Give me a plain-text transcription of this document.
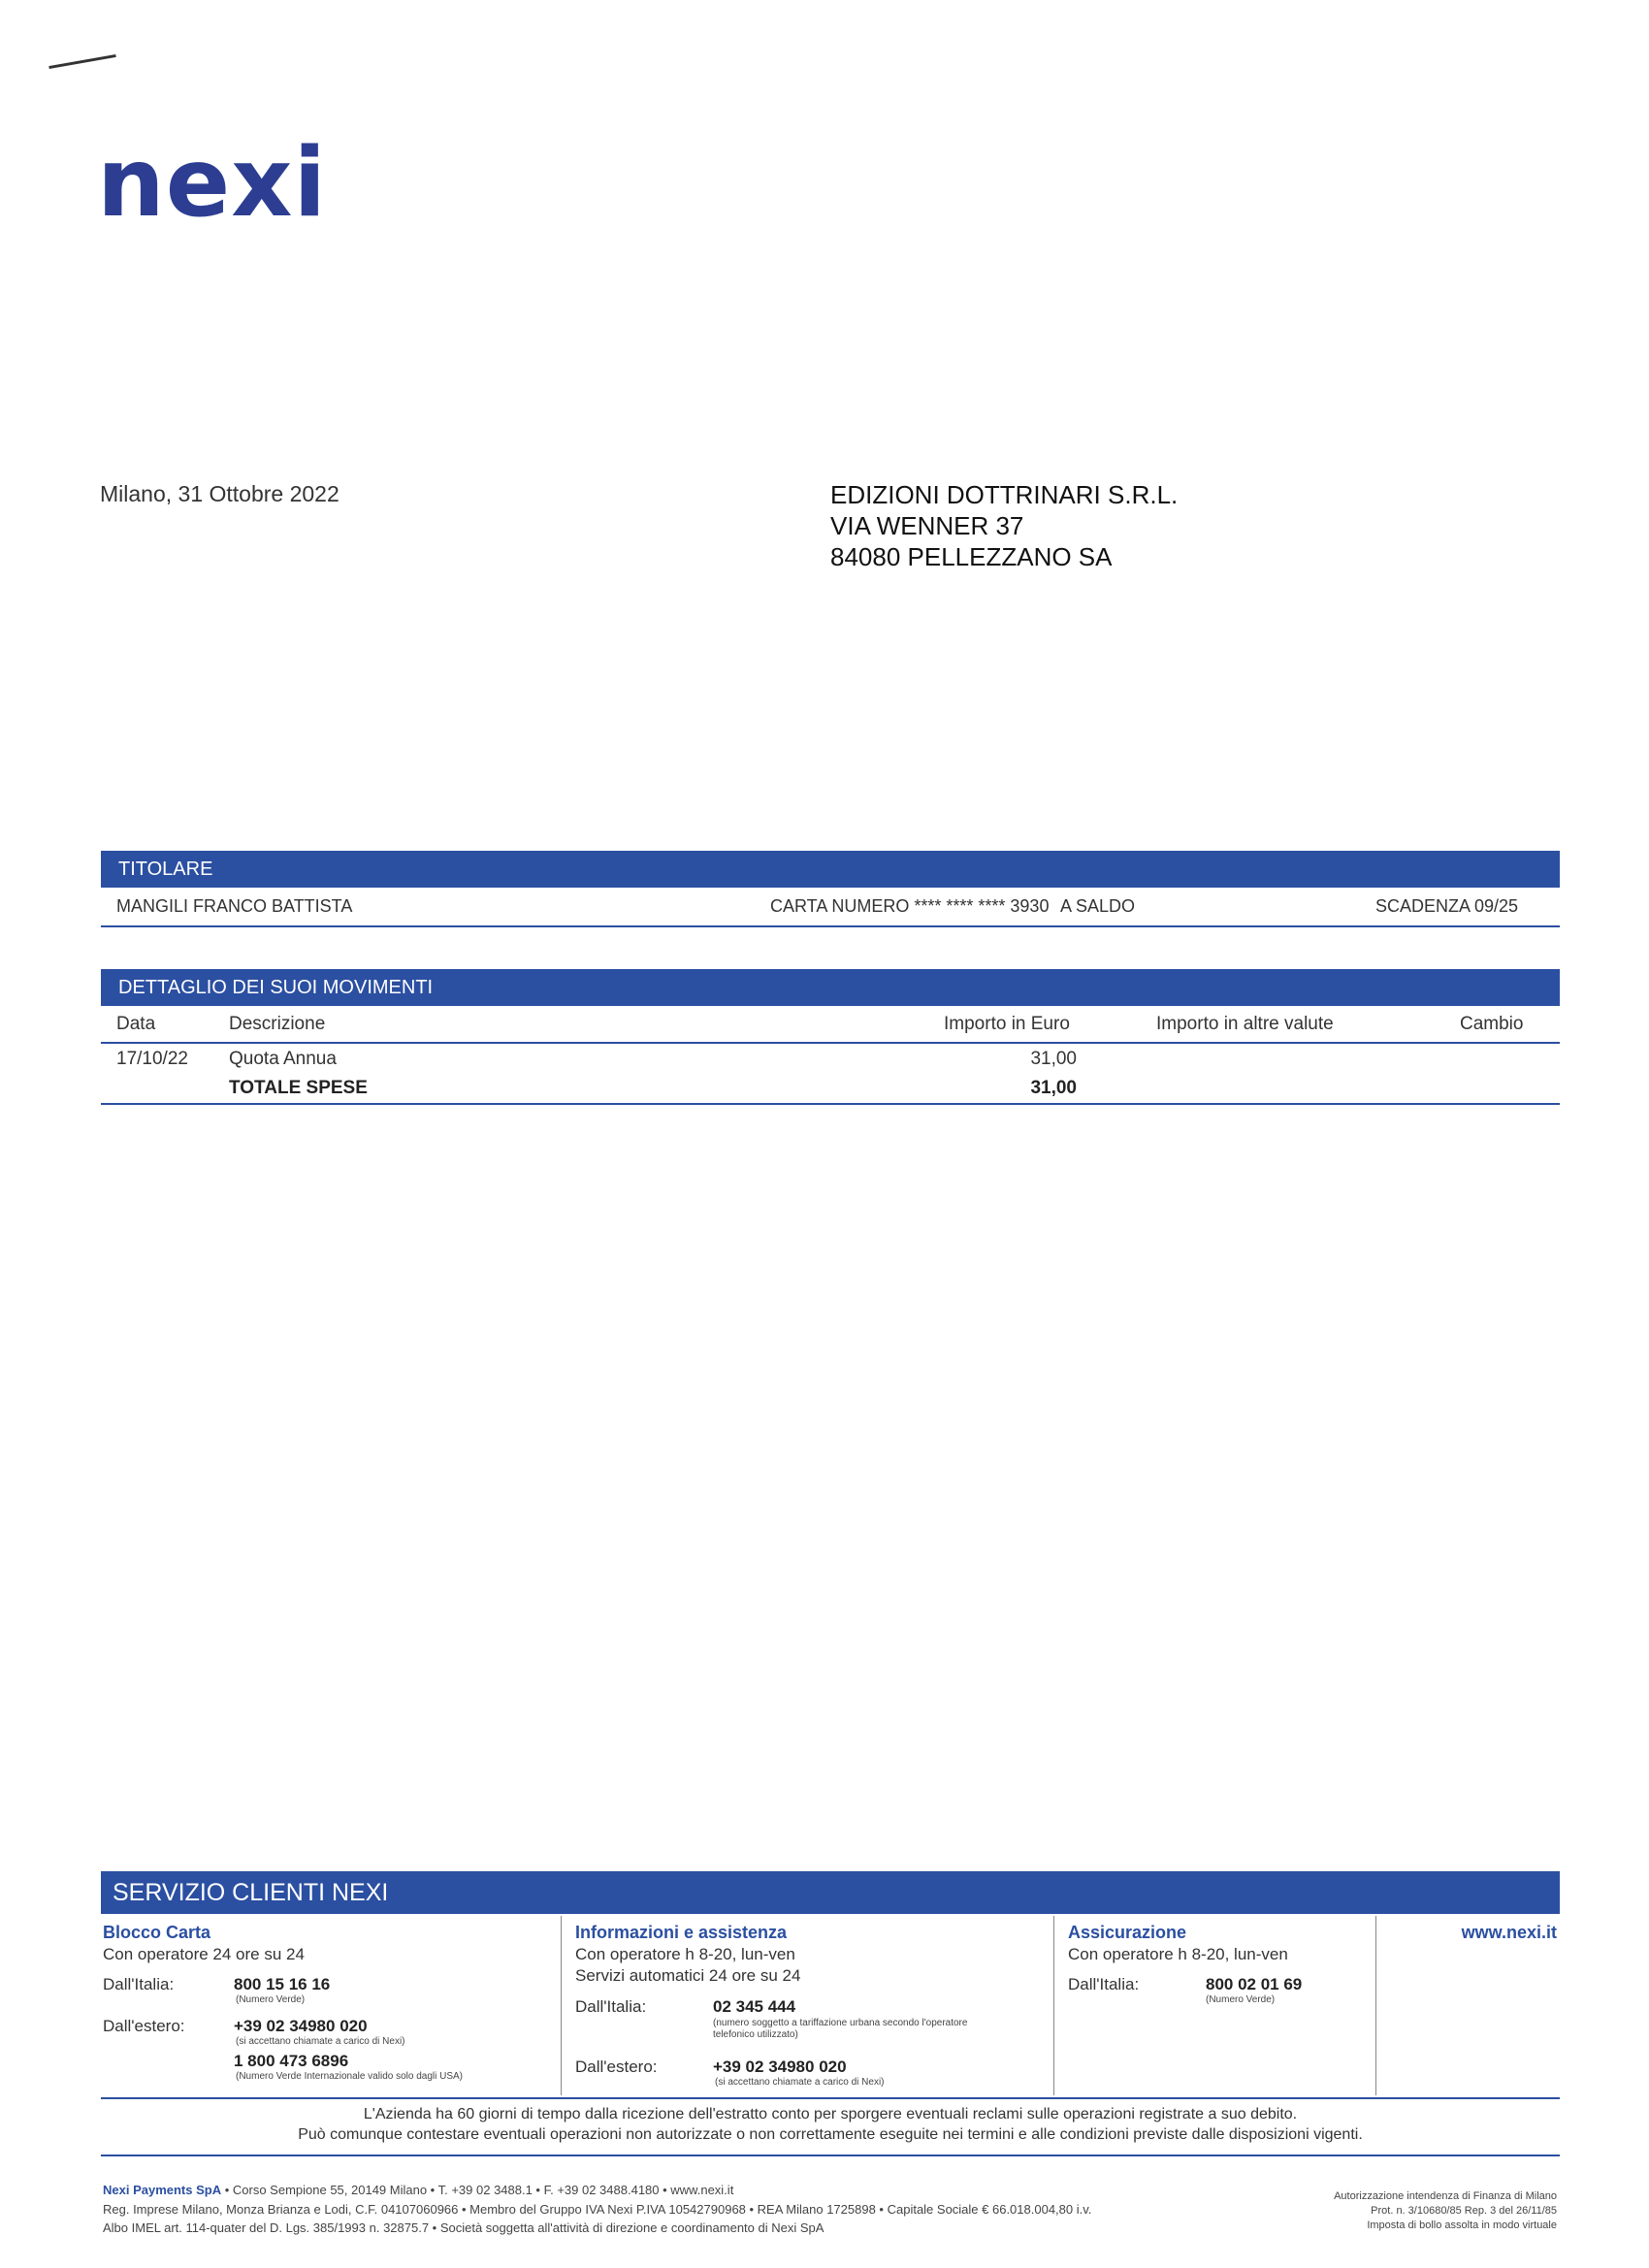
nexi
Milano, 31 Ottobre 2022	EDIZIONI DOTTRINARI S.R.L.
VIA WENNER 37
84080 PELLEZZANO SA
TITOLARE
MANGILI FRANCO BATTISTA	CARTA NUMERO **** **** **** 3930 A SALDO	SCADENZA 09/25
DETTAGLIO DEI SUOI MOVIMENTI
Data	Descrizione	Importo in Euro	Importo in altre valute	Cambio
17/10/22 Quota Annua	31,00
TOTALE SPESE	31,00
SERVIZIO CLIENTI NEXI
Blocco Carta
Con operatore 24 ore su 24
Dall'Italia:	800 15 16 16
(Numero Verde)
Dall'estero:	+39 02 34980 020
(si accettano chiamate a carico di Nexi)
1 800 473 6896
(Numero Verde Internazionale valido solo dagli USA)
Informazioni e assistenza
Con operatore h 8-20, lun-ven
Servizi automatici 24 ore su 24
Dall'Italia:	02 345 444
(numero soggetto a tariffazione urbana secondo l'operatore
telefonico utilizzato)
Dall'estero:	+39 02 34980 020
(si accettano chiamate a carico di Nexi)
Assicurazione
Con operatore h 8-20, lun-ven
Dall'Italia:	800 02 01 69
(Numero Verde)
www.nexi.it
L'Azienda ha 60 giorni di tempo dalla ricezione dell'estratto conto per sporgere eventuali reclami sulle operazioni registrate a suo debito.
Può comunque contestare eventuali operazioni non autorizzate o non correttamente eseguite nei termini e alle condizioni previste dalle disposizioni vigenti.
Nexi Payments SpA • Corso Sempione 55, 20149 Milano • T. +39 02 3488.1 • F. +39 02 3488.4180 • www.nexi.it
Reg. Imprese Milano, Monza Brianza e Lodi, C.F. 04107060966 • Membro del Gruppo IVA Nexi P.IVA 10542790968 • REA Milano 1725898 • Capitale Sociale € 66.018.004,80 i.v.
Albo IMEL art. 114-quater del D. Lgs. 385/1993 n. 32875.7 • Società soggetta all'attività di direzione e coordinamento di Nexi SpA
Autorizzazione intendenza di Finanza di Milano
Prot. n. 3/10680/85 Rep. 3 del 26/11/85
Imposta di bollo assolta in modo virtuale
